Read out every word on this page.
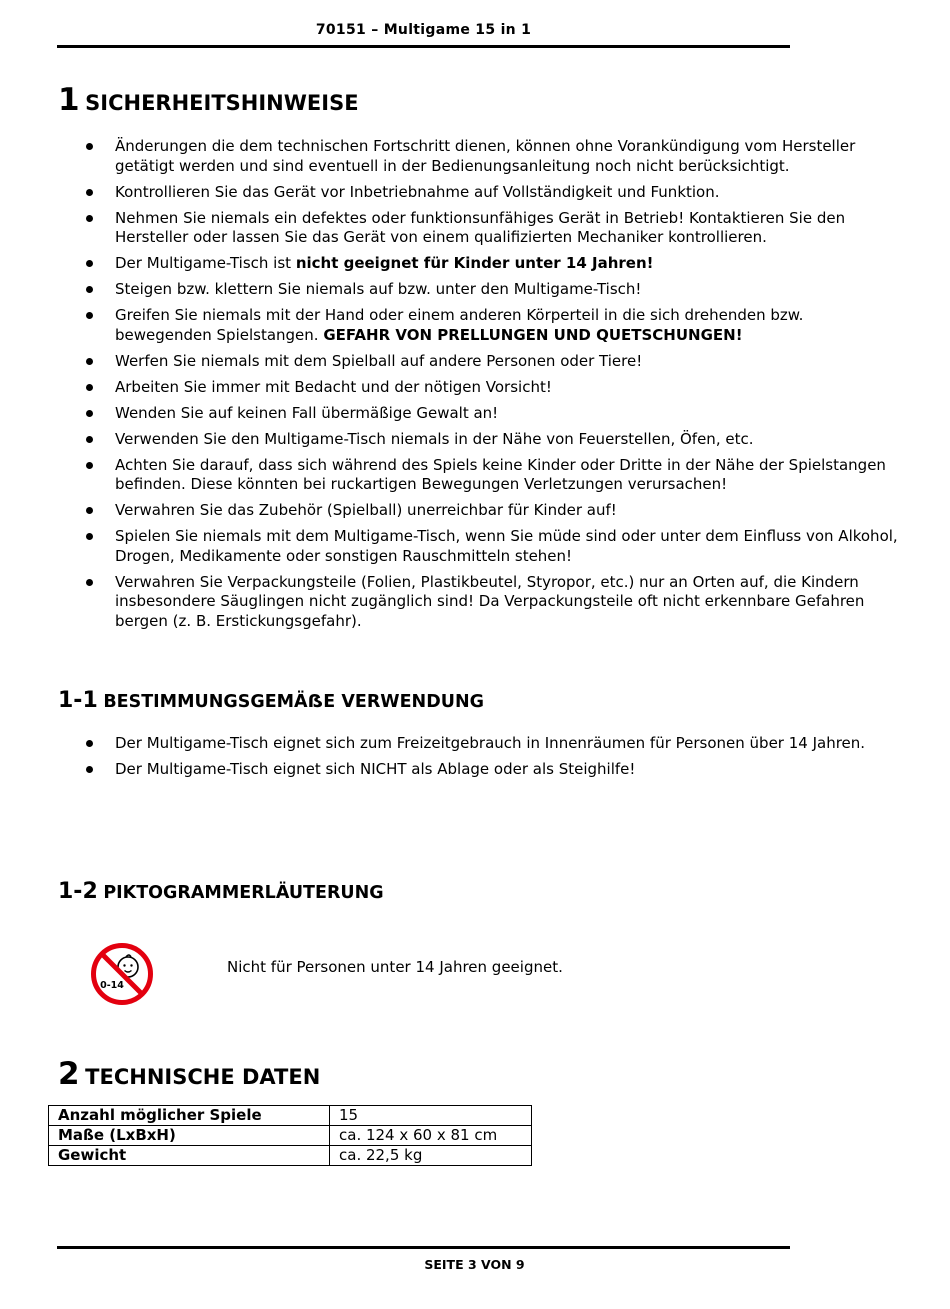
70151 – Multigame 15 in 1
1 SICHERHEITSHINWEISE
Änderungen die dem technischen Fortschritt dienen, können ohne Vorankündigung vom Hersteller getätigt werden und sind eventuell in der Bedienungsanleitung noch nicht berücksichtigt.
Kontrollieren Sie das Gerät vor Inbetriebnahme auf Vollständigkeit und Funktion.
Nehmen Sie niemals ein defektes oder funktionsunfähiges Gerät in Betrieb! Kontaktieren Sie den Hersteller oder lassen Sie das Gerät von einem qualifizierten Mechaniker kontrollieren.
Der Multigame-Tisch ist nicht geeignet für Kinder unter 14 Jahren!
Steigen bzw. klettern Sie niemals auf bzw. unter den Multigame-Tisch!
Greifen Sie niemals mit der Hand oder einem anderen Körperteil in die sich drehenden bzw. bewegenden Spielstangen. GEFAHR VON PRELLUNGEN UND QUETSCHUNGEN!
Werfen Sie niemals mit dem Spielball auf andere Personen oder Tiere!
Arbeiten Sie immer mit Bedacht und der nötigen Vorsicht!
Wenden Sie auf keinen Fall übermäßige Gewalt an!
Verwenden Sie den Multigame-Tisch niemals in der Nähe von Feuerstellen, Öfen, etc.
Achten Sie darauf, dass sich während des Spiels keine Kinder oder Dritte in der Nähe der Spielstangen befinden. Diese könnten bei ruckartigen Bewegungen Verletzungen verursachen!
Verwahren Sie das Zubehör (Spielball) unerreichbar für Kinder auf!
Spielen Sie niemals mit dem Multigame-Tisch, wenn Sie müde sind oder unter dem Einfluss von Alkohol, Drogen, Medikamente oder sonstigen Rauschmitteln stehen!
Verwahren Sie Verpackungsteile (Folien, Plastikbeutel, Styropor, etc.) nur an Orten auf, die Kindern insbesondere Säuglingen nicht zugänglich sind! Da Verpackungsteile oft nicht erkennbare Gefahren bergen (z. B. Erstickungsgefahr).
1-1 BESTIMMUNGSGEMÄẞE VERWENDUNG
Der Multigame-Tisch eignet sich zum Freizeitgebrauch in Innenräumen für Personen über 14 Jahren.
Der Multigame-Tisch eignet sich NICHT als Ablage oder als Steighilfe!
1-2 PIKTOGRAMMERLÄUTERUNG
0-14
Nicht für Personen unter 14 Jahren geeignet.
2 TECHNISCHE DATEN
Anzahl möglicher Spiele	15
Maße (LxBxH)	ca. 124 x 60 x 81 cm
Gewicht	ca. 22,5 kg
SEITE 3 VON 9
